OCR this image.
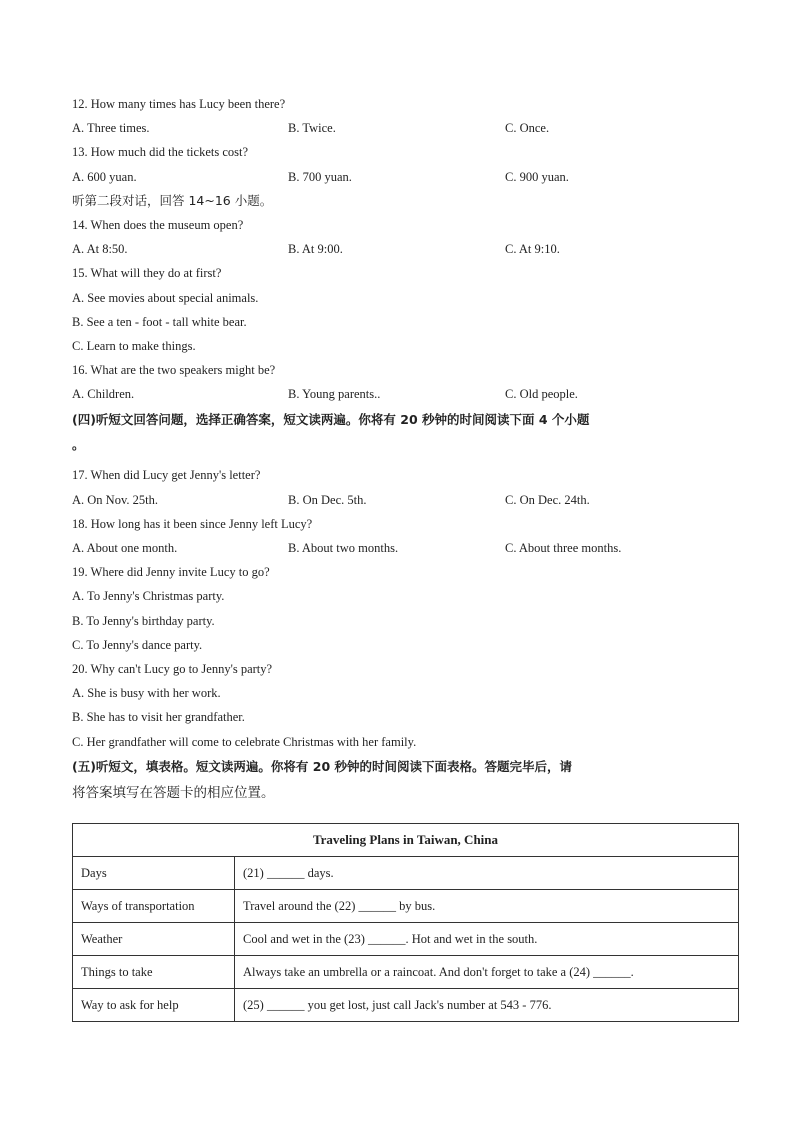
12. How many times has Lucy been there?
A. Three times.	B. Twice.	C. Once.
13. How much did the tickets cost?
A. 600 yuan.	B. 700 yuan.	C. 900 yuan.
听第二段对话，回答 14~16 小题。
14. When does the museum open?
A. At 8:50.	B. At 9:00.	C. At 9:10.
15. What will they do at first?
A. See movies about special animals.
B. See a ten - foot - tall white bear.
C. Learn to make things.
16. What are the two speakers might be?
A. Children.	B. Young parents..	C. Old people.
(四)听短文回答问题，选择正确答案，短文读两遍。你将有 20 秒钟的时间阅读下面 4 个小题
。
17. When did Lucy get Jenny's letter?
A. On Nov. 25th.	B. On Dec. 5th.	C. On Dec. 24th.
18. How long has it been since Jenny left Lucy?
A. About one month.	B. About two months.	C. About three months.
19. Where did Jenny invite Lucy to go?
A. To Jenny's Christmas party.
B. To Jenny's birthday party.
C. To Jenny's dance party.
20. Why can't Lucy go to Jenny's party?
A. She is busy with her work.
B. She has to visit her grandfather.
C. Her grandfather will come to celebrate Christmas with her family.
(五)听短文，填表格。短文读两遍。你将有 20 秒钟的时间阅读下面表格。答题完毕后，请
将答案填写在答题卡的相应位置。
Traveling Plans in Taiwan, China	
Days	(21) ______ days.
Ways of transportation	Travel around the (22) ______ by bus.
Weather	Cool and wet in the (23) ______. Hot and wet in the south.
Things to take	Always take an umbrella or a raincoat. And don't forget to take a (24) ______.
Way to ask for help	(25) ______ you get lost, just call Jack's number at 543 - 776.
